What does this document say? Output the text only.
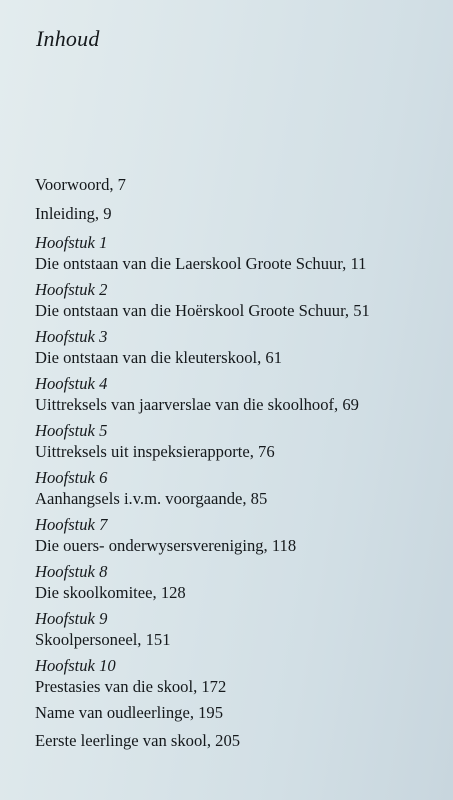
Inhoud
Voorwoord, 7
Inleiding, 9
Hoofstuk 1
Die ontstaan van die Laerskool Groote Schuur, 11
Hoofstuk 2
Die ontstaan van die Hoërskool Groote Schuur, 51
Hoofstuk 3
Die ontstaan van die kleuterskool, 61
Hoofstuk 4
Uittreksels van jaarverslae van die skoolhoof, 69
Hoofstuk 5
Uittreksels uit inspeksierapporte, 76
Hoofstuk 6
Aanhangsels i.v.m. voorgaande, 85
Hoofstuk 7
Die ouers- onderwysersvereniging, 118
Hoofstuk 8
Die skoolkomitee, 128
Hoofstuk 9
Skoolpersoneel, 151
Hoofstuk 10
Prestasies van die skool, 172
Name van oudleerlinge, 195
Eerste leerlinge van skool, 205
